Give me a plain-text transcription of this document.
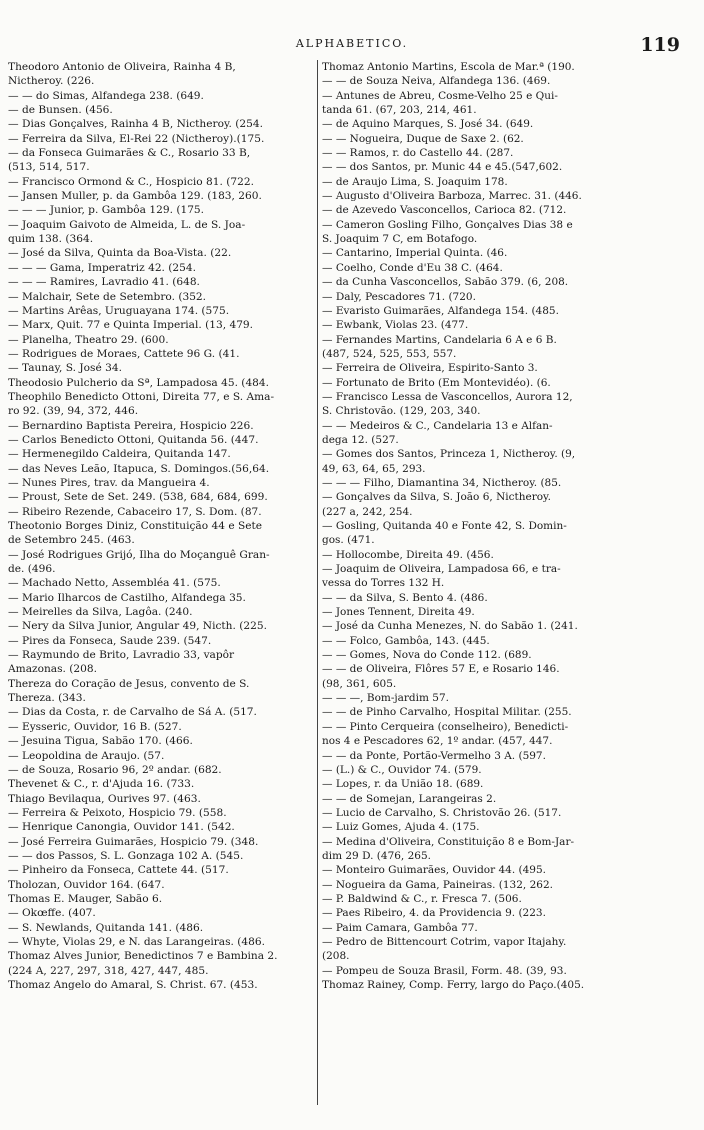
ALPHABETICO.	119
Theodoro Antonio de Oliveira, Rainha 4 B,
Nictheroy. (226.
— — do Simas, Alfandega 238. (649.
— de Bunsen. (456.
— Dias Gonçalves, Rainha 4 B, Nictheroy. (254.
— Ferreira da Silva, El-Rei 22 (Nictheroy).(175.
— da Fonseca Guimarães & C., Rosario 33 B,
(513, 514, 517.
— Francisco Ormond & C., Hospicio 81. (722.
— Jansen Muller, p. da Gambôa 129. (183, 260.
— — — Junior, p. Gambôa 129. (175.
— Joaquim Gaivoto de Almeida, L. de S. Joa-
quim 138. (364.
— José da Silva, Quinta da Boa-Vista. (22.
— — — Gama, Imperatriz 42. (254.
— — — Ramires, Lavradio 41. (648.
— Malchair, Sete de Setembro. (352.
— Martins Arêas, Uruguayana 174. (575.
— Marx, Quit. 77 e Quinta Imperial. (13, 479.
— Planelha, Theatro 29. (600.
— Rodrigues de Moraes, Cattete 96 G. (41.
— Taunay, S. José 34.
Theodosio Pulcherio da Sª, Lampadosa 45. (484.
Theophilo Benedicto Ottoni, Direita 77, e S. Ama-
ro 92. (39, 94, 372, 446.
— Bernardino Baptista Pereira, Hospicio 226.
— Carlos Benedicto Ottoni, Quitanda 56. (447.
— Hermenegildo Caldeira, Quitanda 147.
— das Neves Leão, Itapuca, S. Domingos.(56,64.
— Nunes Pires, trav. da Mangueira 4.
— Proust, Sete de Set. 249. (538, 684, 684, 699.
— Ribeiro Rezende, Cabaceiro 17, S. Dom. (87.
Theotonio Borges Diniz, Constituição 44 e Sete
de Setembro 245. (463.
— José Rodrigues Grijó, Ilha do Moçanguê Gran-
de. (496.
— Machado Netto, Assembléa 41. (575.
— Mario Ilharcos de Castilho, Alfandega 35.
— Meirelles da Silva, Lagôa. (240.
— Nery da Silva Junior, Angular 49, Nicth. (225.
— Pires da Fonseca, Saude 239. (547.
— Raymundo de Brito, Lavradio 33, vapôr
Amazonas. (208.
Thereza do Coração de Jesus, convento de S.
Thereza. (343.
— Dias da Costa, r. de Carvalho de Sá A. (517.
— Eysseric, Ouvidor, 16 B. (527.
— Jesuina Tigua, Sabão 170. (466.
— Leopoldina de Araujo. (57.
— de Souza, Rosario 96, 2º andar. (682.
Thevenet & C., r. d'Ajuda 16. (733.
Thiago Bevilaqua, Ourives 97. (463.
— Ferreira & Peixoto, Hospicio 79. (558.
— Henrique Canongia, Ouvidor 141. (542.
— José Ferreira Guimarães, Hospicio 79. (348.
— — dos Passos, S. L. Gonzaga 102 A. (545.
— Pinheiro da Fonseca, Cattete 44. (517.
Tholozan, Ouvidor 164. (647.
Thomas E. Mauger, Sabão 6.
— Okœffe. (407.
— S. Newlands, Quitanda 141. (486.
— Whyte, Violas 29, e N. das Larangeiras. (486.
Thomaz Alves Junior, Benedictinos 7 e Bambina 2.
(224 A, 227, 297, 318, 427, 447, 485.
Thomaz Angelo do Amaral, S. Christ. 67. (453.
Thomaz Antonio Martins, Escola de Mar.ª (190.
— — de Souza Neiva, Alfandega 136. (469.
— Antunes de Abreu, Cosme-Velho 25 e Qui-
tanda 61. (67, 203, 214, 461.
— de Aquino Marques, S. José 34. (649.
— — Nogueira, Duque de Saxe 2. (62.
— — Ramos, r. do Castello 44. (287.
— — dos Santos, pr. Munic 44 e 45.(547,602.
— de Araujo Lima, S. Joaquim 178.
— Augusto d'Oliveira Barboza, Marrec. 31. (446.
— de Azevedo Vasconcellos, Carioca 82. (712.
— Cameron Gosling Filho, Gonçalves Dias 38 e
S. Joaquim 7 C, em Botafogo.
— Cantarino, Imperial Quinta. (46.
— Coelho, Conde d'Eu 38 C. (464.
— da Cunha Vasconcellos, Sabão 379. (6, 208.
— Daly, Pescadores 71. (720.
— Evaristo Guimarães, Alfandega 154. (485.
— Ewbank, Violas 23. (477.
— Fernandes Martins, Candelaria 6 A e 6 B.
(487, 524, 525, 553, 557.
— Ferreira de Oliveira, Espirito-Santo 3.
— Fortunato de Brito (Em Montevidéo). (6.
— Francisco Lessa de Vasconcellos, Aurora 12,
S. Christovão. (129, 203, 340.
— — Medeiros & C., Candelaria 13 e Alfan-
dega 12. (527.
— Gomes dos Santos, Princeza 1, Nictheroy. (9,
49, 63, 64, 65, 293.
— — — Filho, Diamantina 34, Nictheroy. (85.
— Gonçalves da Silva, S. João 6, Nictheroy.
(227 a, 242, 254.
— Gosling, Quitanda 40 e Fonte 42, S. Domin-
gos. (471.
— Hollocombe, Direita 49. (456.
— Joaquim de Oliveira, Lampadosa 66, e tra-
vessa do Torres 132 H.
— — da Silva, S. Bento 4. (486.
— Jones Tennent, Direita 49.
— José da Cunha Menezes, N. do Sabão 1. (241.
— — Folco, Gambôa, 143. (445.
— — Gomes, Nova do Conde 112. (689.
— — de Oliveira, Flôres 57 E, e Rosario 146.
(98, 361, 605.
— — —, Bom-jardim 57.
— — de Pinho Carvalho, Hospital Militar. (255.
— — Pinto Cerqueira (conselheiro), Benedicti-
nos 4 e Pescadores 62, 1º andar. (457, 447.
— — da Ponte, Portão-Vermelho 3 A. (597.
— (L.) & C., Ouvidor 74. (579.
— Lopes, r. da União 18. (689.
— — de Somejan, Larangeiras 2.
— Lucio de Carvalho, S. Christovão 26. (517.
— Luiz Gomes, Ajuda 4. (175.
— Medina d'Oliveira, Constituição 8 e Bom-Jar-
dim 29 D. (476, 265.
— Monteiro Guimarães, Ouvidor 44. (495.
— Nogueira da Gama, Paineiras. (132, 262.
— P. Baldwind & C., r. Fresca 7. (506.
— Paes Ribeiro, 4. da Providencia 9. (223.
— Paim Camara, Gambôa 77.
— Pedro de Bittencourt Cotrim, vapor Itajahy.
(208.
— Pompeu de Souza Brasil, Form. 48. (39, 93.
Thomaz Rainey, Comp. Ferry, largo do Paço.(405.
